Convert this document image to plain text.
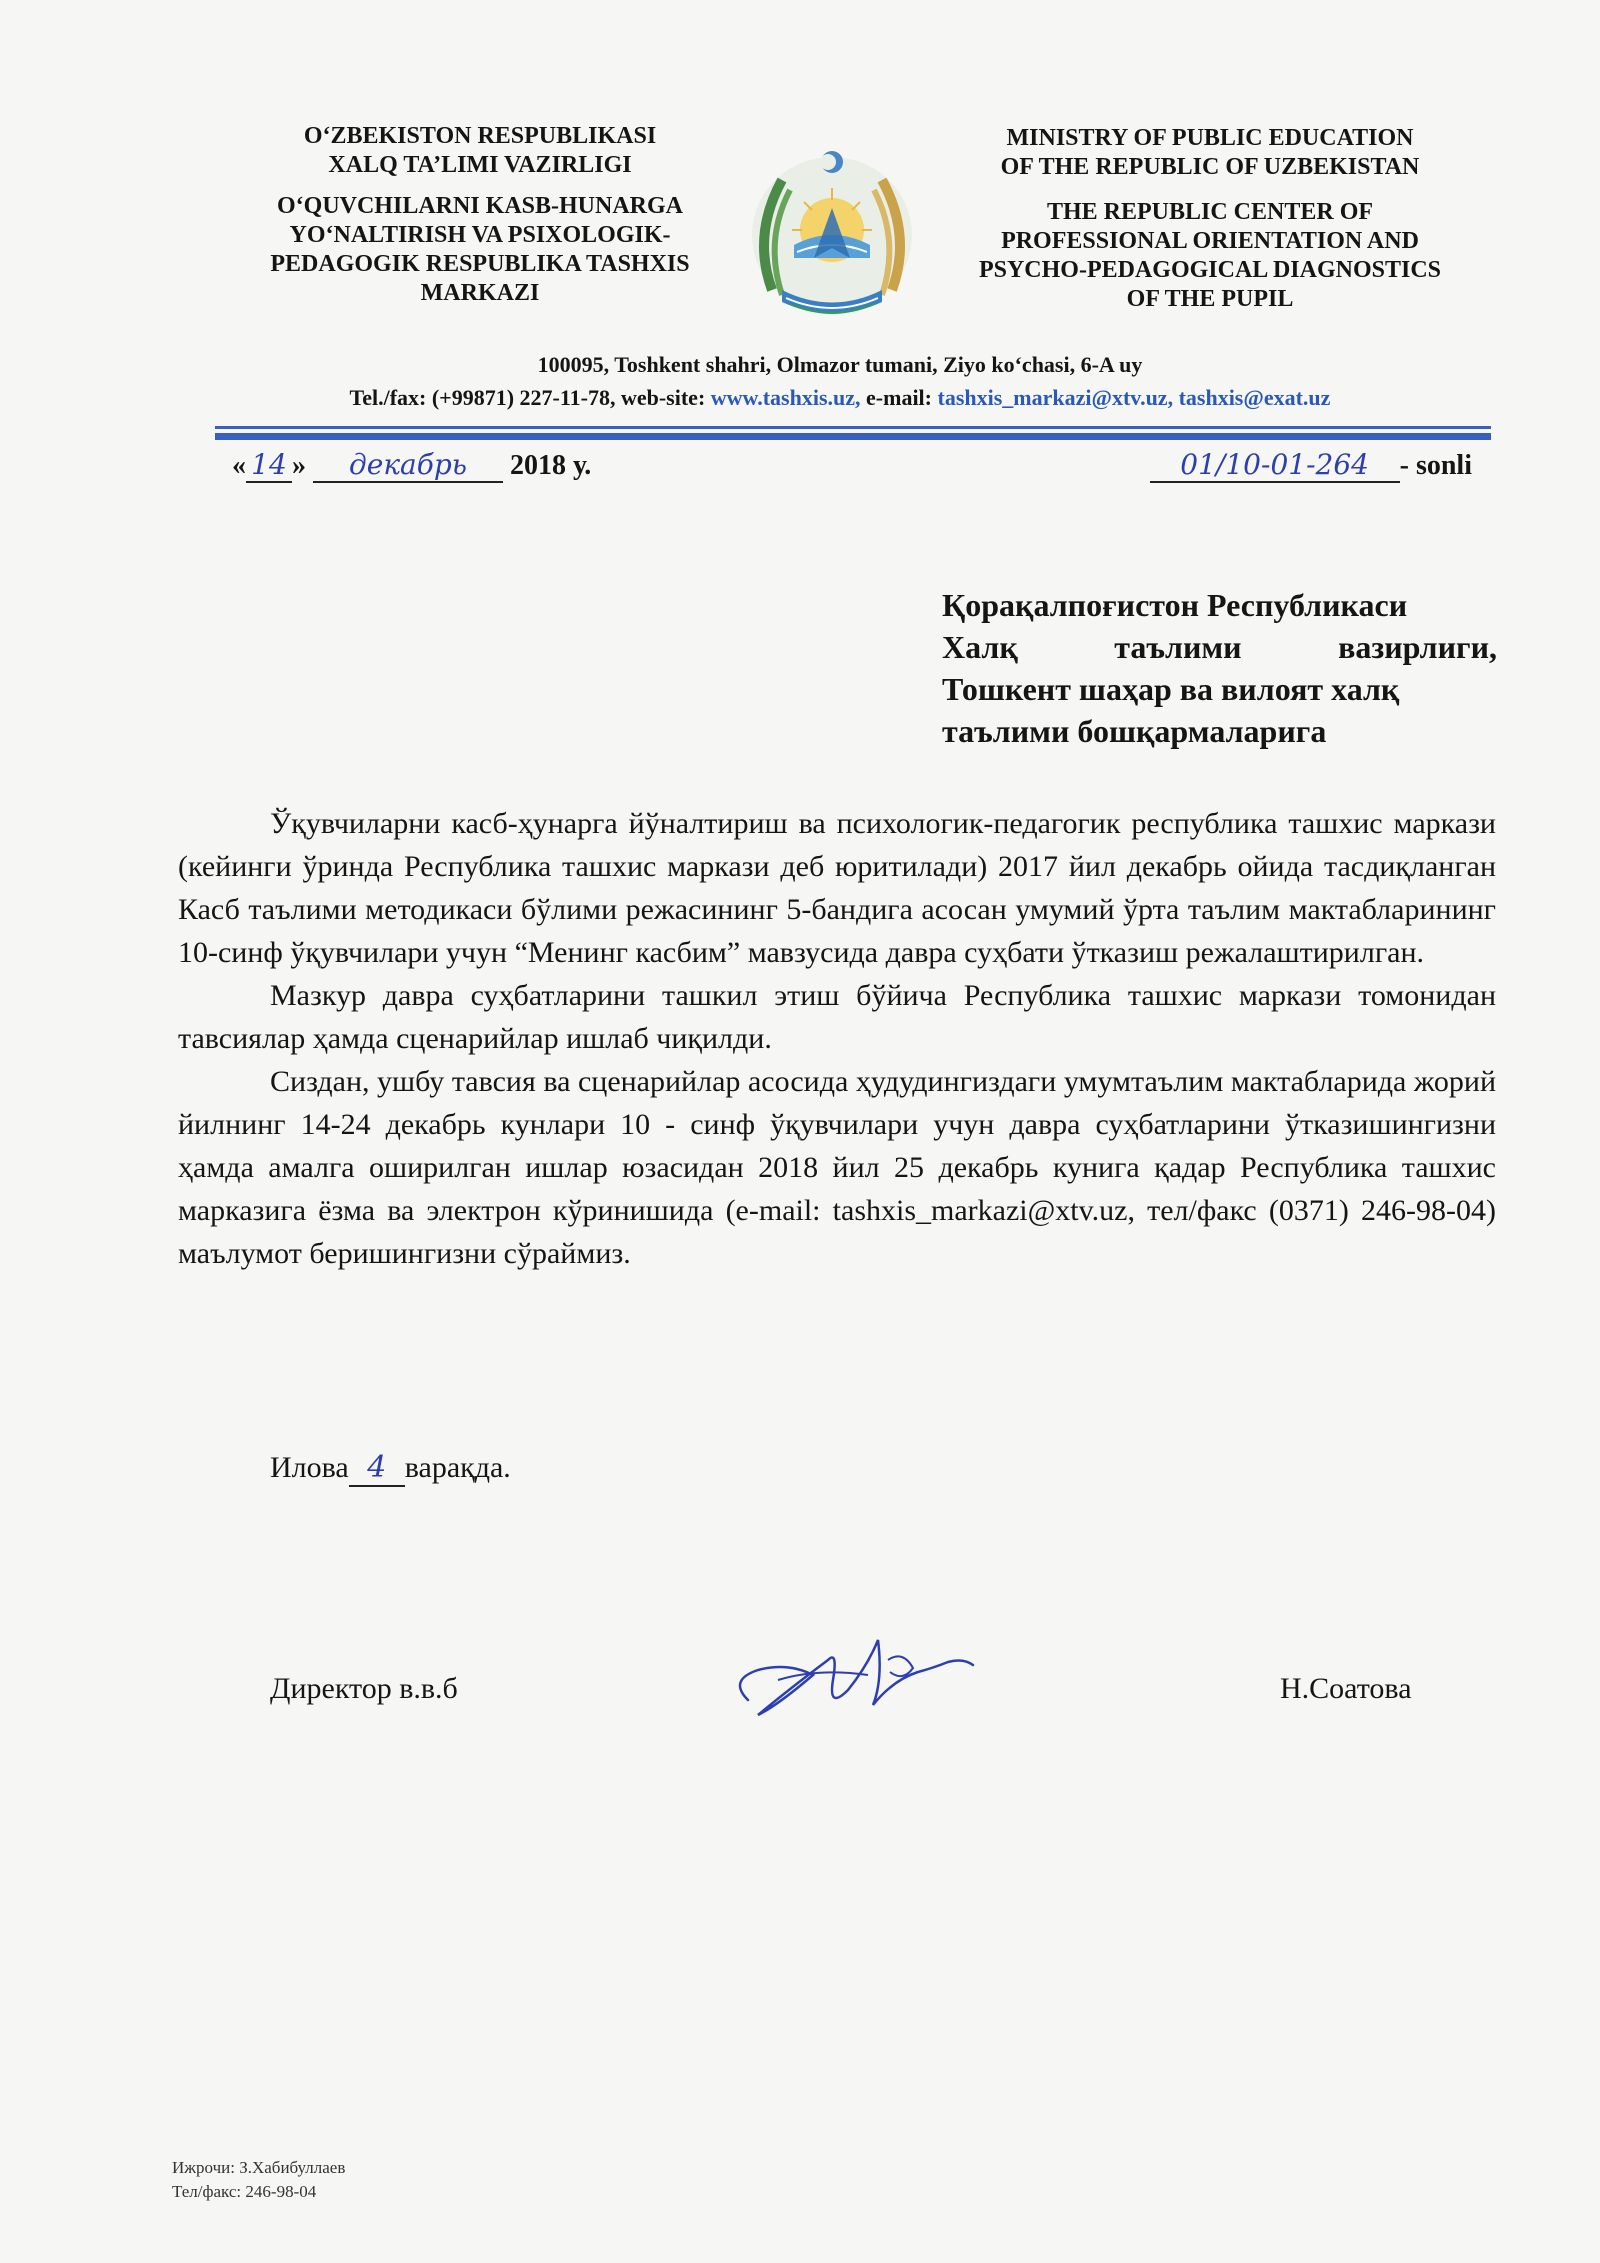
O‘ZBEKISTON RESPUBLIKASI
XALQ TA’LIMI VAZIRLIGI
O‘QUVCHILARNI KASB-HUNARGA
YO‘NALTIRISH VA PSIXOLOGIK-
PEDAGOGIK RESPUBLIKA TASHXIS
MARKAZI
MINISTRY OF PUBLIC EDUCATION
OF THE REPUBLIC OF UZBEKISTAN
THE REPUBLIC CENTER OF
PROFESSIONAL ORIENTATION AND
PSYCHO-PEDAGOGICAL DIAGNOSTICS
OF THE PUPIL
100095, Toshkent shahri, Olmazor tumani, Ziyo ko‘chasi, 6-A uy
Tel./fax: (+99871) 227-11-78, web-site: www.tashxis.uz, e-mail: tashxis_markazi@xtv.uz, tashxis@exat.uz
« 14 » декабрь 2018 у.	01/10-01-264 - sonli
Қорақалпоғистон Республикаси
Халқ таълими вазирлиги,
Тошкент шаҳар ва вилоят халқ
таълими бошқармаларига

Ўқувчиларни касб-ҳунарга йўналтириш ва психологик-педагогик республика ташхис маркази (кейинги ўринда Республика ташхис маркази деб юритилади) 2017 йил декабрь ойида тасдиқланган Касб таълими методикаси бўлими режасининг 5-бандига асосан умумий ўрта таълим мактабларининг 10-синф ўқувчилари учун “Менинг касбим” мавзусида давра суҳбати ўтказиш режалаштирилган.

Мазкур давра суҳбатларини ташкил этиш бўйича Республика ташхис маркази томонидан тавсиялар ҳамда сценарийлар ишлаб чиқилди.

Сиздан, ушбу тавсия ва сценарийлар асосида ҳудудингиздаги умумтаълим мактабларида жорий йилнинг 14-24 декабрь кунлари 10 - синф ўқувчилари учун давра суҳбатларини ўтказишингизни ҳамда амалга оширилган ишлар юзасидан 2018 йил 25 декабрь кунига қадар Республика ташхис марказига ёзма ва электрон кўринишида (e-mail: tashxis_markazi@xtv.uz, тел/факс (0371) 246-98-04) маълумот беришингизни сўраймиз.

Илова 4 варақда.
Директор в.в.б	Н.Соатова
Ижрочи: З.Хабибуллаев
Тел/факс: 246-98-04
